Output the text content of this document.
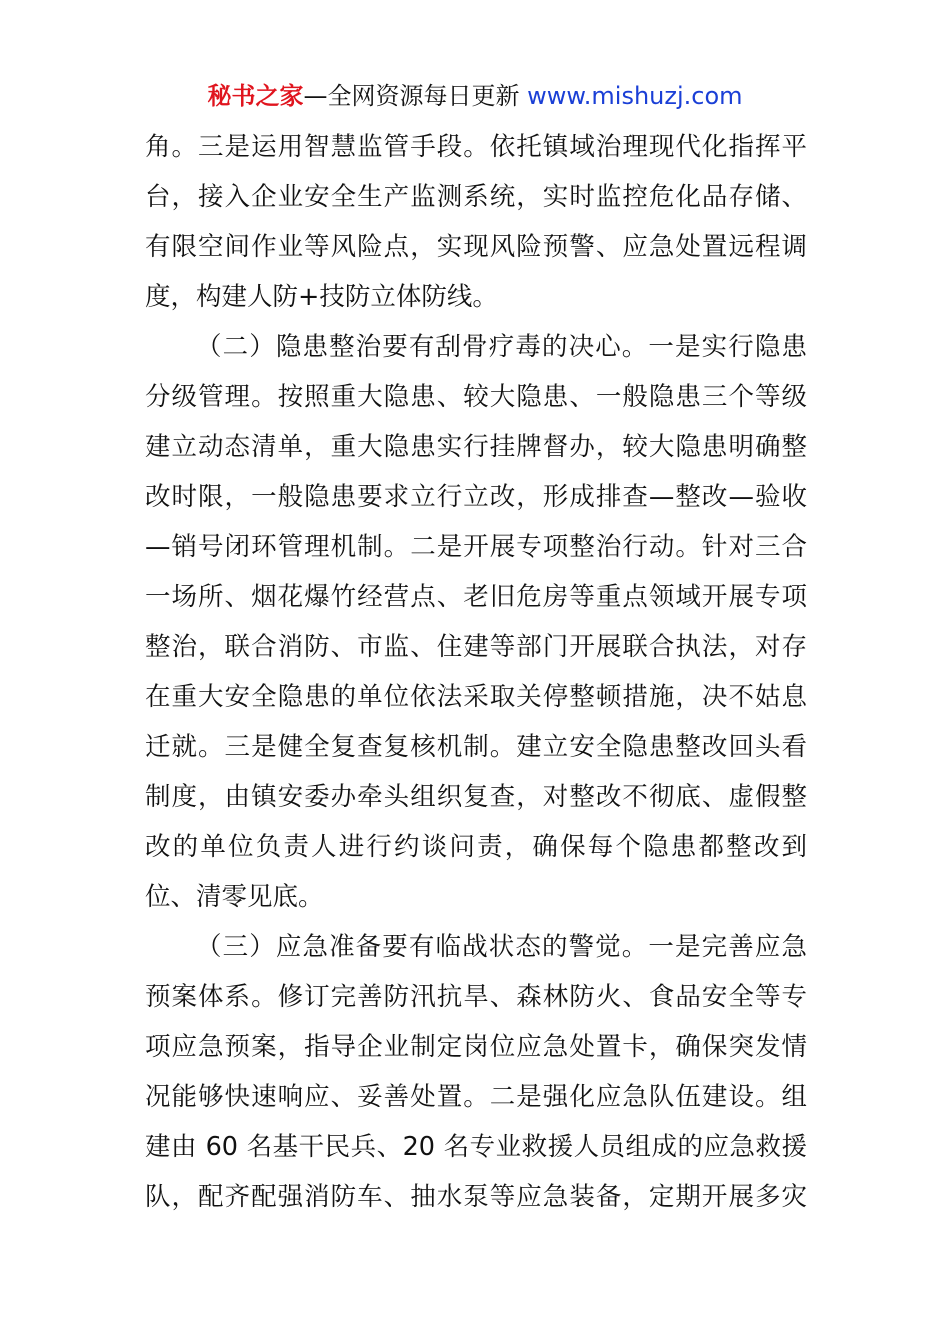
秘书之家—全网资源每日更新 www.mishuzj.com
角。三是运用智慧监管手段。依托镇域治理现代化指挥平
台，接入企业安全生产监测系统，实时监控危化品存储、
有限空间作业等风险点，实现风险预警、应急处置远程调
度，构建人防+技防立体防线。
（二）隐患整治要有刮骨疗毒的决心。一是实行隐患
分级管理。按照重大隐患、较大隐患、一般隐患三个等级
建立动态清单，重大隐患实行挂牌督办，较大隐患明确整
改时限，一般隐患要求立行立改，形成排查—整改—验收
—销号闭环管理机制。二是开展专项整治行动。针对三合
一场所、烟花爆竹经营点、老旧危房等重点领域开展专项
整治，联合消防、市监、住建等部门开展联合执法，对存
在重大安全隐患的单位依法采取关停整顿措施，决不姑息
迁就。三是健全复查复核机制。建立安全隐患整改回头看
制度，由镇安委办牵头组织复查，对整改不彻底、虚假整
改的单位负责人进行约谈问责，确保每个隐患都整改到
位、清零见底。
（三）应急准备要有临战状态的警觉。一是完善应急
预案体系。修订完善防汛抗旱、森林防火、食品安全等专
项应急预案，指导企业制定岗位应急处置卡，确保突发情
况能够快速响应、妥善处置。二是强化应急队伍建设。组
建由 60 名基干民兵、20 名专业救援人员组成的应急救援
队，配齐配强消防车、抽水泵等应急装备，定期开展多灾
